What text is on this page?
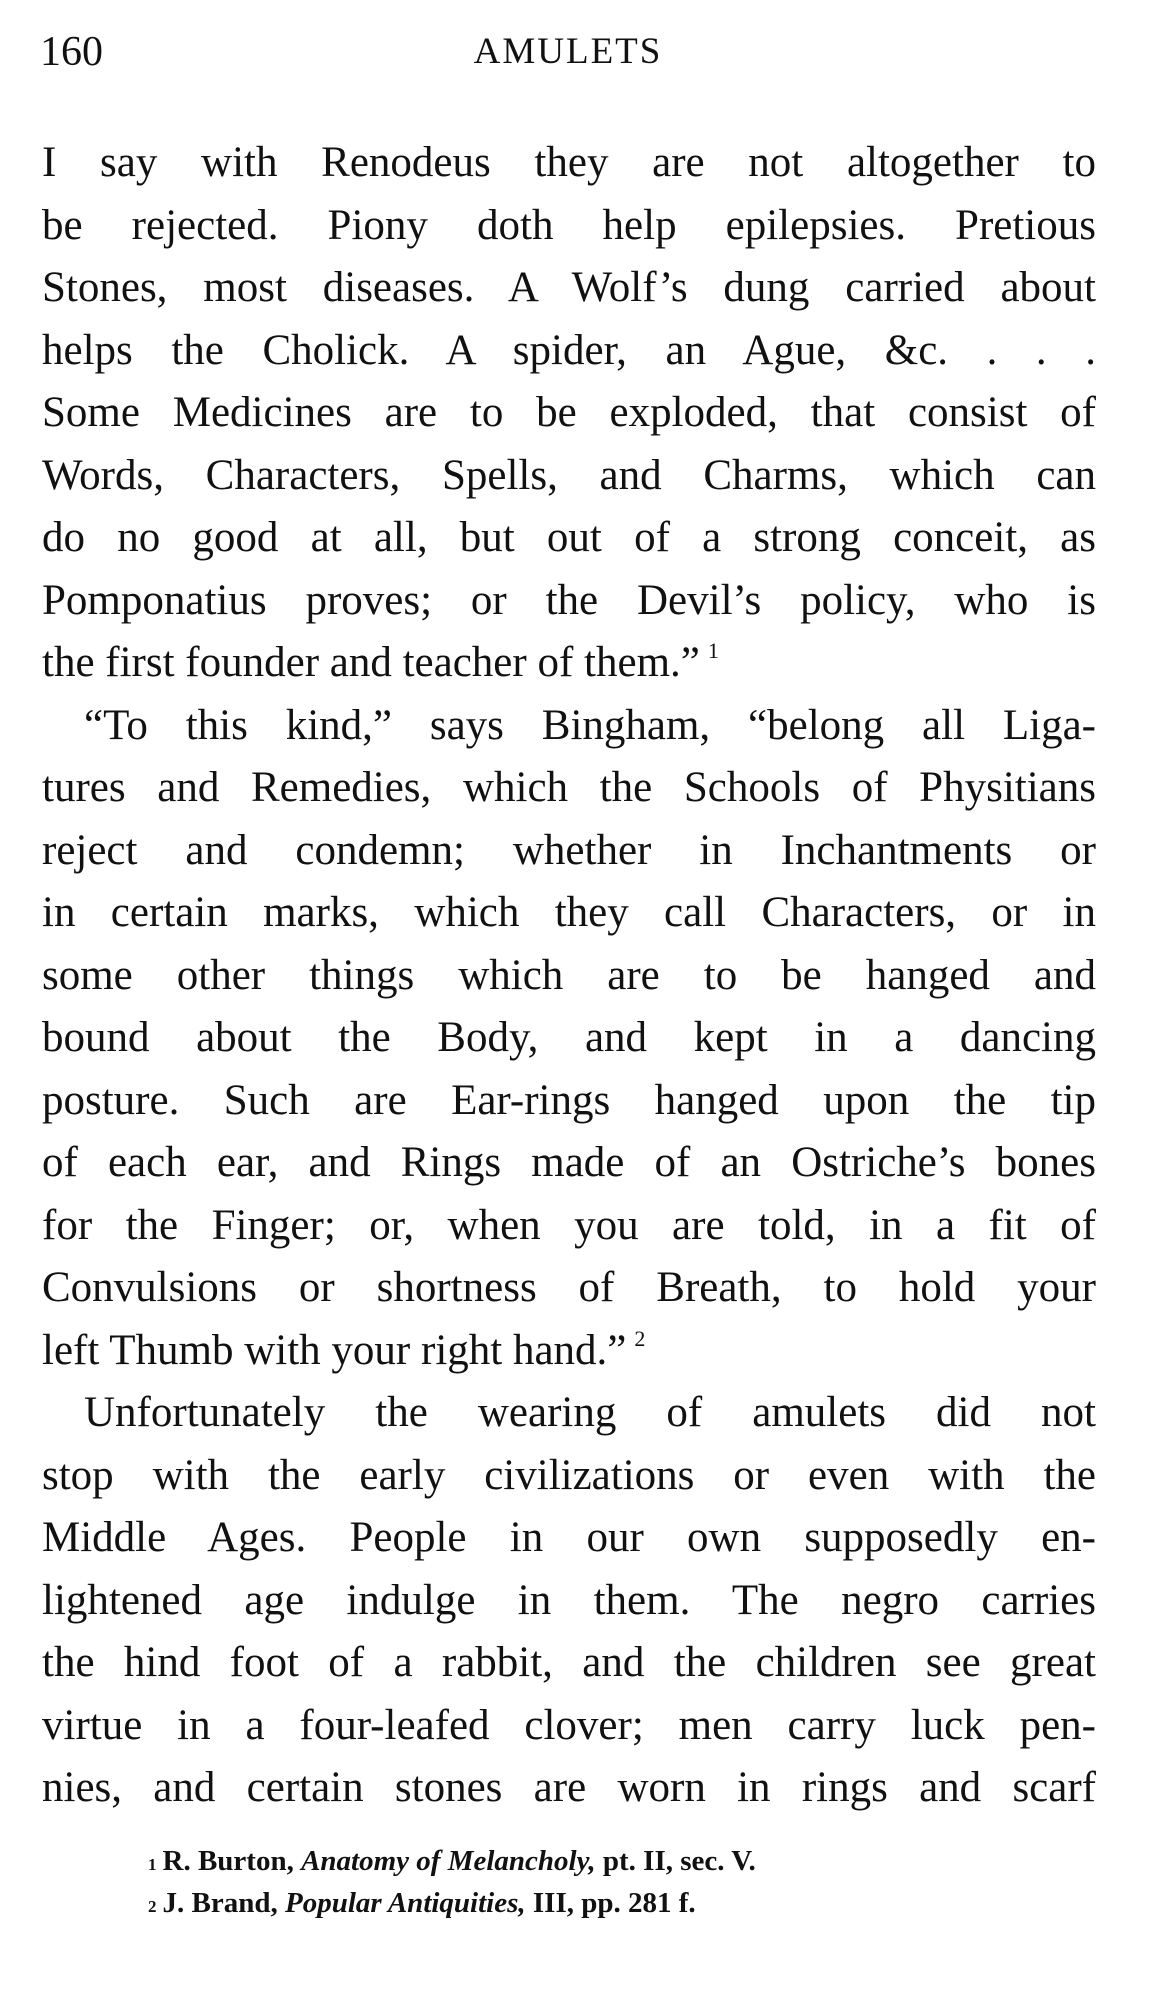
160	AMULETS
I say with Renodeus they are not altogether to
be rejected. Piony doth help epilepsies. Pretious
Stones, most diseases. A Wolf’s dung carried about
helps the Cholick. A spider, an Ague, &c. . . .
Some Medicines are to be exploded, that consist of
Words, Characters, Spells, and Charms, which can
do no good at all, but out of a strong conceit, as
Pomponatius proves; or the Devil’s policy, who is
the first founder and teacher of them.” $^1$
“To this kind,” says Bingham, “belong all Liga-
tures and Remedies, which the Schools of Physitians
reject and condemn; whether in Inchantments or
in certain marks, which they call Characters, or in
some other things which are to be hanged and
bound about the Body, and kept in a dancing
posture. Such are Ear-rings hanged upon the tip
of each ear, and Rings made of an Ostriche’s bones
for the Finger; or, when you are told, in a fit of
Convulsions or shortness of Breath, to hold your
left Thumb with your right hand.” $^2$
Unfortunately the wearing of amulets did not
stop with the early civilizations or even with the
Middle Ages. People in our own supposedly en-
lightened age indulge in them. The negro carries
the hind foot of a rabbit, and the children see great
virtue in a four-leafed clover; men carry luck pen-
nies, and certain stones are worn in rings and scarf
$^1$ R. Burton, Anatomy of Melancholy, pt. II, sec. V.
$^2$ J. Brand, Popular Antiquities, III, pp. 281 f.
